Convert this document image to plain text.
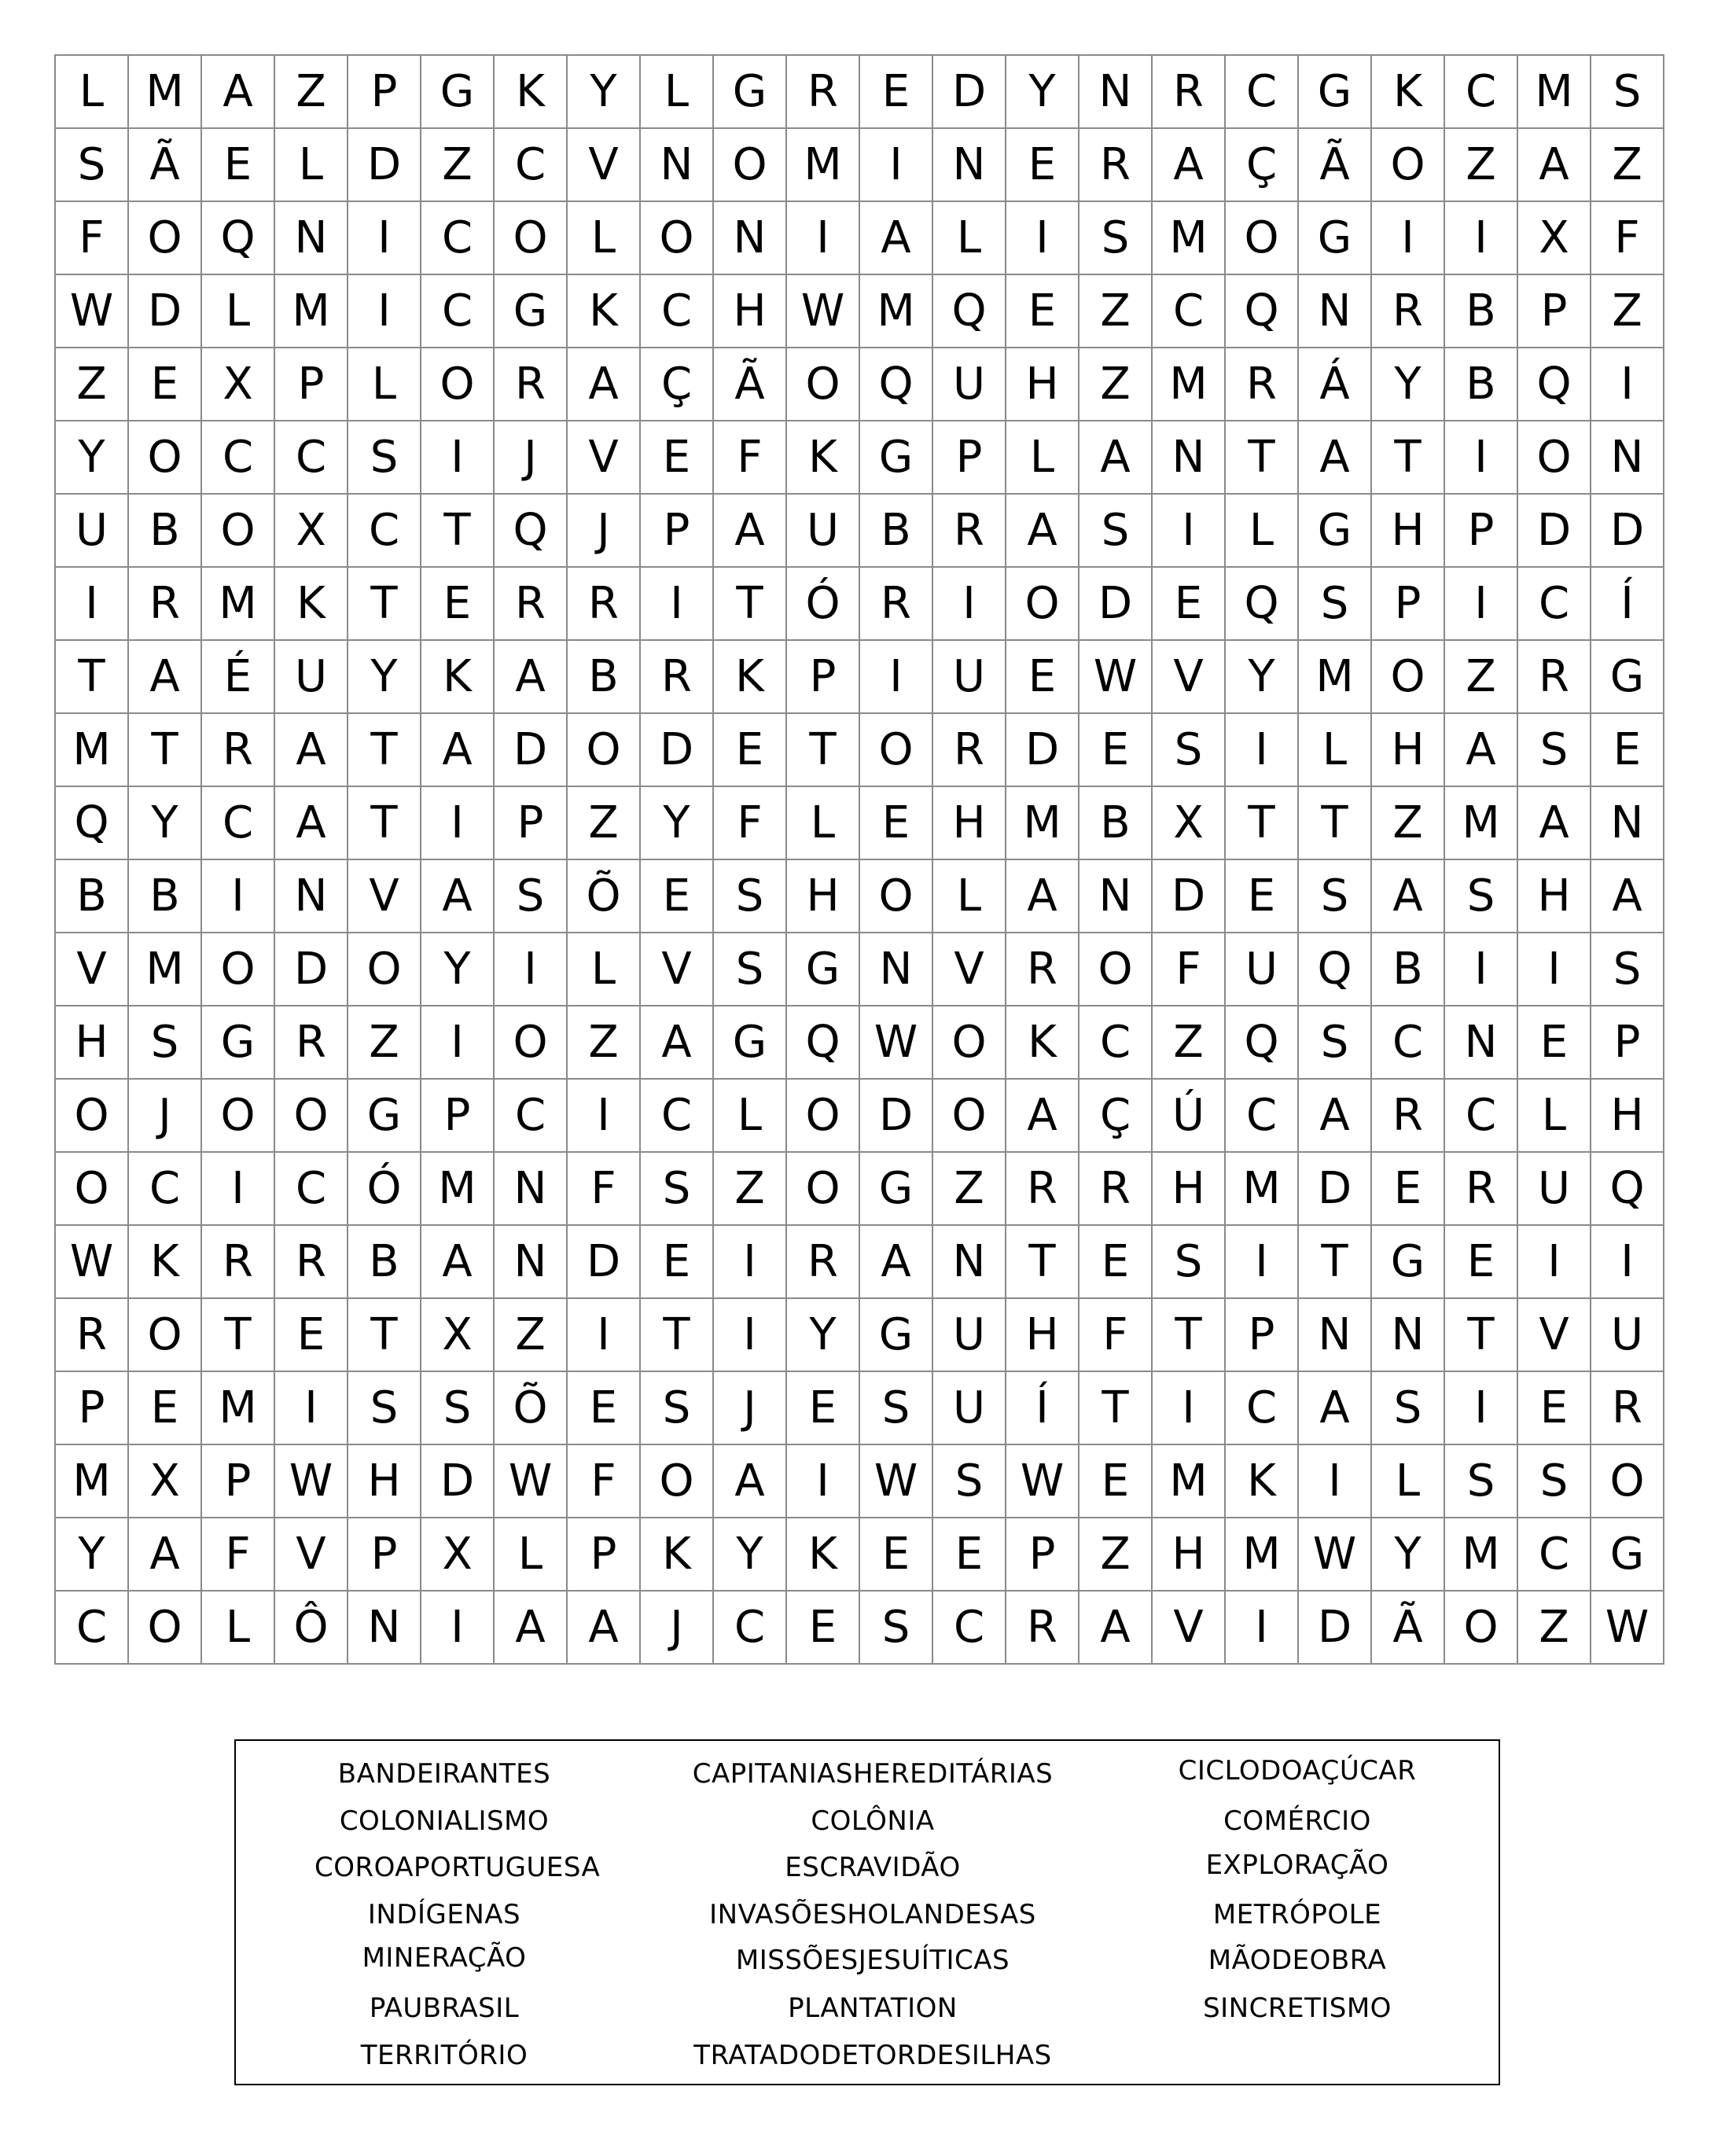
L	M	A	Z	P	G	K	Y	L	G	R	E	D	Y	N	R	C	G	K	C	M	S
S	Ã	E	L	D	Z	C	V	N	O	M	I	N	E	R	A	Ç	Ã	O	Z	A	Z
F	O	Q	N	I	C	O	L	O	N	I	A	L	I	S	M	O	G	I	I	X	F
W	D	L	M	I	C	G	K	C	H	W	M	Q	E	Z	C	Q	N	R	B	P	Z
Z	E	X	P	L	O	R	A	Ç	Ã	O	Q	U	H	Z	M	R	Á	Y	B	Q	I
Y	O	C	C	S	I	J	V	E	F	K	G	P	L	A	N	T	A	T	I	O	N
U	B	O	X	C	T	Q	J	P	A	U	B	R	A	S	I	L	G	H	P	D	D
I	R	M	K	T	E	R	R	I	T	Ó	R	I	O	D	E	Q	S	P	I	C	Í
T	A	É	U	Y	K	A	B	R	K	P	I	U	E	W	V	Y	M	O	Z	R	G
M	T	R	A	T	A	D	O	D	E	T	O	R	D	E	S	I	L	H	A	S	E
Q	Y	C	A	T	I	P	Z	Y	F	L	E	H	M	B	X	T	T	Z	M	A	N
B	B	I	N	V	A	S	Õ	E	S	H	O	L	A	N	D	E	S	A	S	H	A
V	M	O	D	O	Y	I	L	V	S	G	N	V	R	O	F	U	Q	B	I	I	S
H	S	G	R	Z	I	O	Z	A	G	Q	W	O	K	C	Z	Q	S	C	N	E	P
O	J	O	O	G	P	C	I	C	L	O	D	O	A	Ç	Ú	C	A	R	C	L	H
O	C	I	C	Ó	M	N	F	S	Z	O	G	Z	R	R	H	M	D	E	R	U	Q
W	K	R	R	B	A	N	D	E	I	R	A	N	T	E	S	I	T	G	E	I	I
R	O	T	E	T	X	Z	I	T	I	Y	G	U	H	F	T	P	N	N	T	V	U
P	E	M	I	S	S	Õ	E	S	J	E	S	U	Í	T	I	C	A	S	I	E	R
M	X	P	W	H	D	W	F	O	A	I	W	S	W	E	M	K	I	L	S	S	O
Y	A	F	V	P	X	L	P	K	Y	K	E	E	P	Z	H	M	W	Y	M	C	G
C	O	L	Ô	N	I	A	A	J	C	E	S	C	R	A	V	I	D	Ã	O	Z	W
BANDEIRANTES
COLONIALISMO
COROAPORTUGUESA
INDÍGENAS
MINERAÇÃO
PAUBRASIL
TERRITÓRIO
CAPITANIASHEREDITÁRIAS
COLÔNIA
ESCRAVIDÃO
INVASÕESHOLANDESAS
MISSÕESJESUÍTICAS
PLANTATION
TRATADODETORDESILHAS
CICLODOAÇÚCAR
COMÉRCIO
EXPLORAÇÃO
METRÓPOLE
MÃODEOBRA
SINCRETISMO
